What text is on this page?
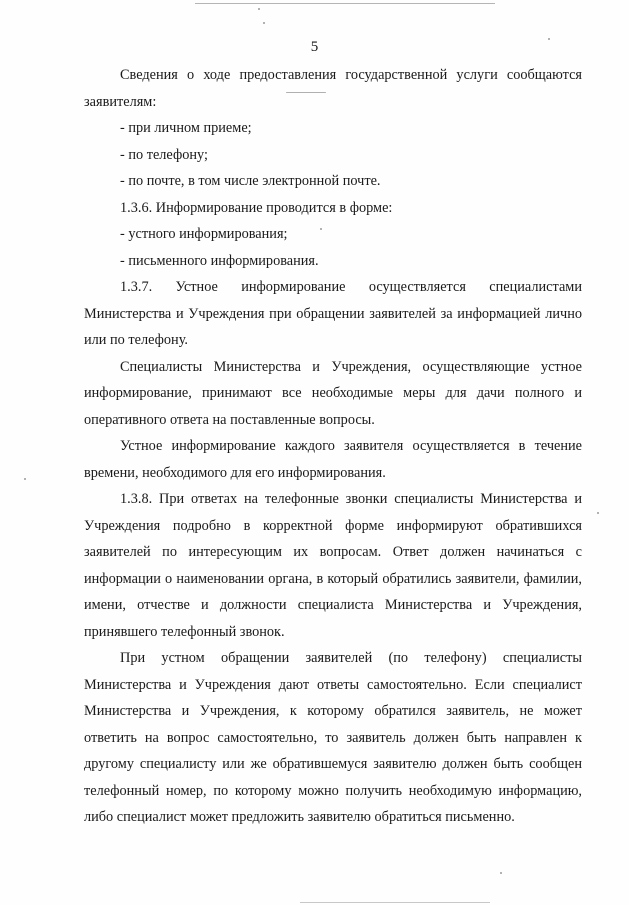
5

Сведения о ходе предоставления государственной услуги сообщаются заявителям:

- при личном приеме;

- по телефону;

- по почте, в том числе электронной почте.

1.3.6. Информирование проводится в форме:

- устного информирования;

- письменного информирования.

1.3.7. Устное информирование осуществляется специалистами Министерства и Учреждения при обращении заявителей за информацией лично или по телефону.

Специалисты Министерства и Учреждения, осуществляющие устное информирование, принимают все необходимые меры для дачи полного и оперативного ответа на поставленные вопросы.

Устное информирование каждого заявителя осуществляется в течение времени, необходимого для его информирования.

1.3.8. При ответах на телефонные звонки специалисты Министерства и Учреждения подробно в корректной форме информируют обратившихся заявителей по интересующим их вопросам. Ответ должен начинаться с информации о наименовании органа, в который обратились заявители, фамилии, имени, отчестве и должности специалиста Министерства и Учреждения, принявшего телефонный звонок.

При устном обращении заявителей (по телефону) специалисты Министерства и Учреждения дают ответы самостоятельно. Если специалист Министерства и Учреждения, к которому обратился заявитель, не может ответить на вопрос самостоятельно, то заявитель должен быть направлен к другому специалисту или же обратившемуся заявителю должен быть сообщен телефонный номер, по которому можно получить необходимую информацию, либо специалист может предложить заявителю обратиться письменно.
